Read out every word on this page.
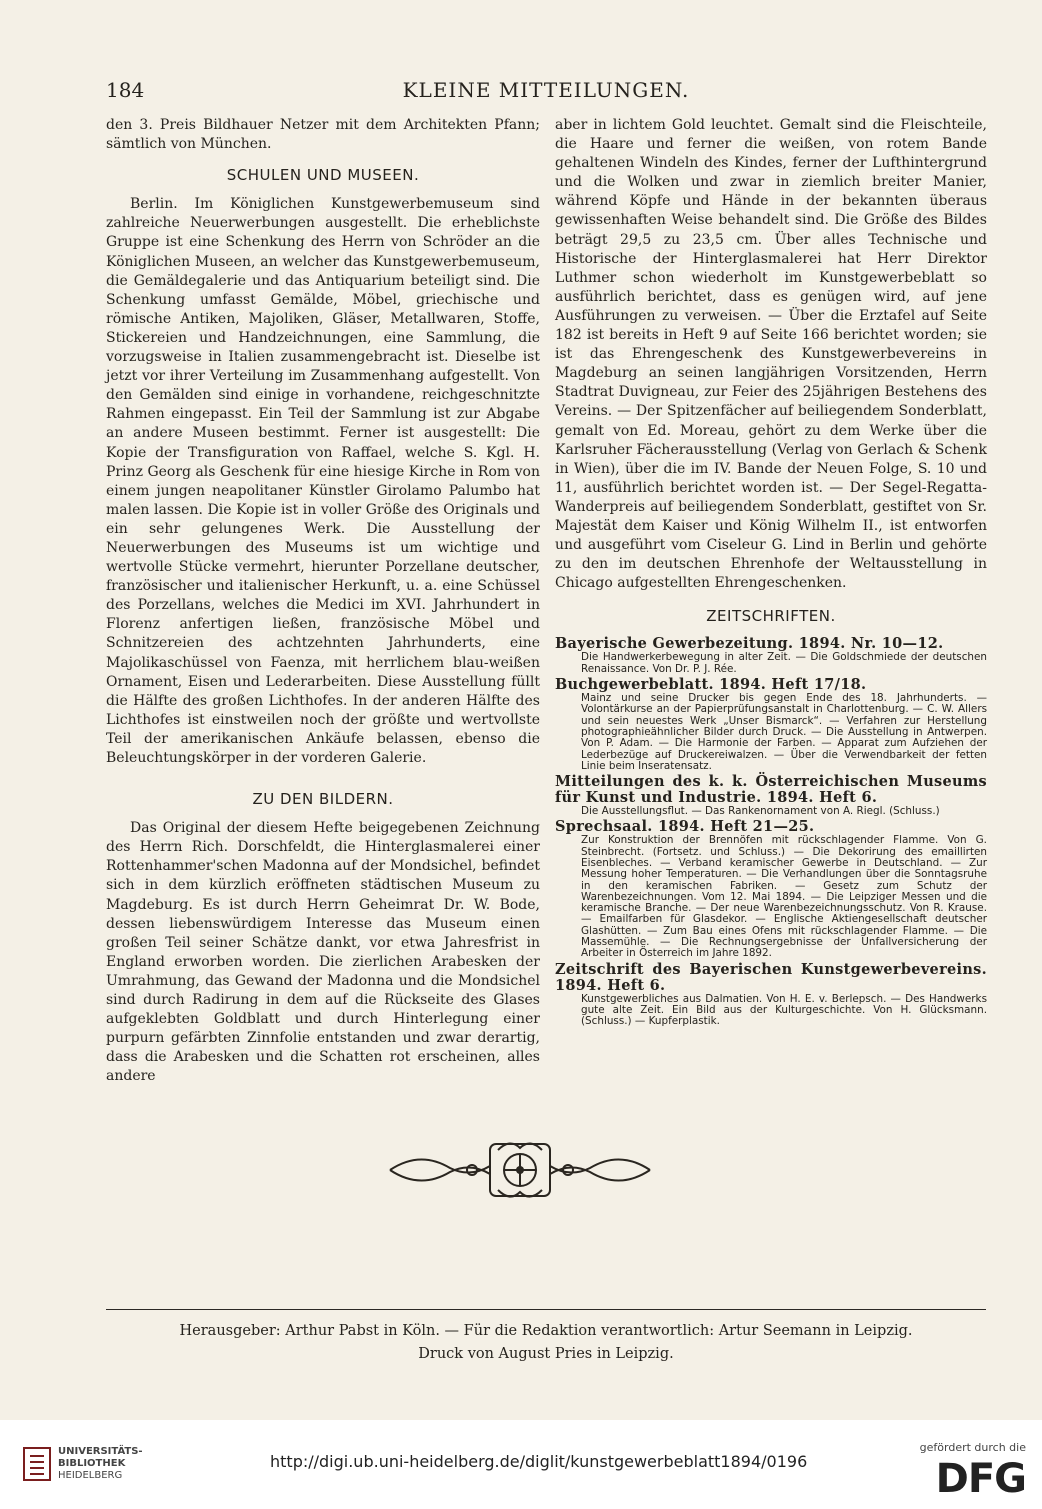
184	KLEINE MITTEILUNGEN.

den 3. Preis Bildhauer Netzer mit dem Architekten Pfann; sämtlich von München.

SCHULEN UND MUSEEN.

Berlin. Im Königlichen Kunstgewerbemuseum sind zahlreiche Neuerwerbungen ausgestellt. Die erheblichste Gruppe ist eine Schenkung des Herrn von Schröder an die Königlichen Museen, an welcher das Kunstgewerbemuseum, die Gemäldegalerie und das Antiquarium beteiligt sind. Die Schenkung umfasst Gemälde, Möbel, griechische und römische Antiken, Majoliken, Gläser, Metallwaren, Stoffe, Stickereien und Handzeichnungen, eine Sammlung, die vorzugsweise in Italien zusammengebracht ist. Dieselbe ist jetzt vor ihrer Verteilung im Zusammenhang aufgestellt. Von den Gemälden sind einige in vorhandene, reichgeschnitzte Rahmen eingepasst. Ein Teil der Sammlung ist zur Abgabe an andere Museen bestimmt. Ferner ist ausgestellt: Die Kopie der Transfiguration von Raffael, welche S. Kgl. H. Prinz Georg als Geschenk für eine hiesige Kirche in Rom von einem jungen neapolitaner Künstler Girolamo Palumbo hat malen lassen. Die Kopie ist in voller Größe des Originals und ein sehr gelungenes Werk. Die Ausstellung der Neuerwerbungen des Museums ist um wichtige und wertvolle Stücke vermehrt, hierunter Porzellane deutscher, französischer und italienischer Herkunft, u. a. eine Schüssel des Porzellans, welches die Medici im XVI. Jahrhundert in Florenz anfertigen ließen, französische Möbel und Schnitzereien des achtzehnten Jahrhunderts, eine Majolikaschüssel von Faenza, mit herrlichem blau-weißen Ornament, Eisen und Lederarbeiten. Diese Ausstellung füllt die Hälfte des großen Lichthofes. In der anderen Hälfte des Lichthofes ist einstweilen noch der größte und wertvollste Teil der amerikanischen Ankäufe belassen, ebenso die Beleuchtungskörper in der vorderen Galerie.

ZU DEN BILDERN.

Das Original der diesem Hefte beigegebenen Zeichnung des Herrn Rich. Dorschfeldt, die Hinterglasmalerei einer Rottenhammer'schen Madonna auf der Mondsichel, befindet sich in dem kürzlich eröffneten städtischen Museum zu Magdeburg. Es ist durch Herrn Geheimrat Dr. W. Bode, dessen liebenswürdigem Interesse das Museum einen großen Teil seiner Schätze dankt, vor etwa Jahresfrist in England erworben worden. Die zierlichen Arabesken der Umrahmung, das Gewand der Madonna und die Mondsichel sind durch Radirung in dem auf die Rückseite des Glases aufgeklebten Goldblatt und durch Hinterlegung einer purpurn gefärbten Zinnfolie entstanden und zwar derartig, dass die Arabesken und die Schatten rot erscheinen, alles andere

aber in lichtem Gold leuchtet. Gemalt sind die Fleischteile, die Haare und ferner die weißen, von rotem Bande gehaltenen Windeln des Kindes, ferner der Lufthintergrund und die Wolken und zwar in ziemlich breiter Manier, während Köpfe und Hände in der bekannten überaus gewissenhaften Weise behandelt sind. Die Größe des Bildes beträgt 29,5 zu 23,5 cm. Über alles Technische und Historische der Hinterglasmalerei hat Herr Direktor Luthmer schon wiederholt im Kunstgewerbeblatt so ausführlich berichtet, dass es genügen wird, auf jene Ausführungen zu verweisen. — Über die Erztafel auf Seite 182 ist bereits in Heft 9 auf Seite 166 berichtet worden; sie ist das Ehrengeschenk des Kunstgewerbevereins in Magdeburg an seinen langjährigen Vorsitzenden, Herrn Stadtrat Duvigneau, zur Feier des 25jährigen Bestehens des Vereins. — Der Spitzenfächer auf beiliegendem Sonderblatt, gemalt von Ed. Moreau, gehört zu dem Werke über die Karlsruher Fächerausstellung (Verlag von Gerlach & Schenk in Wien), über die im IV. Bande der Neuen Folge, S. 10 und 11, ausführlich berichtet worden ist. — Der Segel-Regatta-Wanderpreis auf beiliegendem Sonderblatt, gestiftet von Sr. Majestät dem Kaiser und König Wilhelm II., ist entworfen und ausgeführt vom Ciseleur G. Lind in Berlin und gehörte zu den im deutschen Ehrenhofe der Weltausstellung in Chicago aufgestellten Ehrengeschenken.

ZEITSCHRIFTEN.
Bayerische Gewerbezeitung. 1894. Nr. 10—12.
Die Handwerkerbewegung in alter Zeit. — Die Goldschmiede der deutschen Renaissance. Von Dr. P. J. Rée.
Buchgewerbeblatt. 1894. Heft 17/18.
Mainz und seine Drucker bis gegen Ende des 18. Jahrhunderts. — Volontärkurse an der Papierprüfungsanstalt in Charlottenburg. — C. W. Allers und sein neuestes Werk „Unser Bismarck“. — Verfahren zur Herstellung photographieähnlicher Bilder durch Druck. — Die Ausstellung in Antwerpen. Von P. Adam. — Die Harmonie der Farben. — Apparat zum Aufziehen der Lederbezüge auf Druckereiwalzen. — Über die Verwendbarkeit der fetten Linie beim Inseratensatz.
Mitteilungen des k. k. Österreichischen Museums für Kunst und Industrie. 1894. Heft 6.
Die Ausstellungsflut. — Das Rankenornament von A. Riegl. (Schluss.)
Sprechsaal. 1894. Heft 21—25.
Zur Konstruktion der Brennöfen mit rückschlagender Flamme. Von G. Steinbrecht. (Fortsetz. und Schluss.) — Die Dekorirung des emaillirten Eisenbleches. — Verband keramischer Gewerbe in Deutschland. — Zur Messung hoher Temperaturen. — Die Verhandlungen über die Sonntagsruhe in den keramischen Fabriken. — Gesetz zum Schutz der Warenbezeichnungen. Vom 12. Mai 1894. — Die Leipziger Messen und die keramische Branche. — Der neue Warenbezeichnungsschutz. Von R. Krause. — Emailfarben für Glasdekor. — Englische Aktiengesellschaft deutscher Glashütten. — Zum Bau eines Ofens mit rückschlagender Flamme. — Die Massemühle. — Die Rechnungsergebnisse der Unfallversicherung der Arbeiter in Österreich im Jahre 1892.
Zeitschrift des Bayerischen Kunstgewerbevereins. 1894. Heft 6.
Kunstgewerbliches aus Dalmatien. Von H. E. v. Berlepsch. — Des Handwerks gute alte Zeit. Ein Bild aus der Kulturgeschichte. Von H. Glücksmann. (Schluss.) — Kupferplastik.
Herausgeber: Arthur Pabst in Köln. — Für die Redaktion verantwortlich: Artur Seemann in Leipzig.
Druck von August Pries in Leipzig.
UNIVERSITÄTS-
BIBLIOTHEK
HEIDELBERG
http://digi.ub.uni-heidelberg.de/diglit/kunstgewerbeblatt1894/0196
gefördert durch die
DFG
